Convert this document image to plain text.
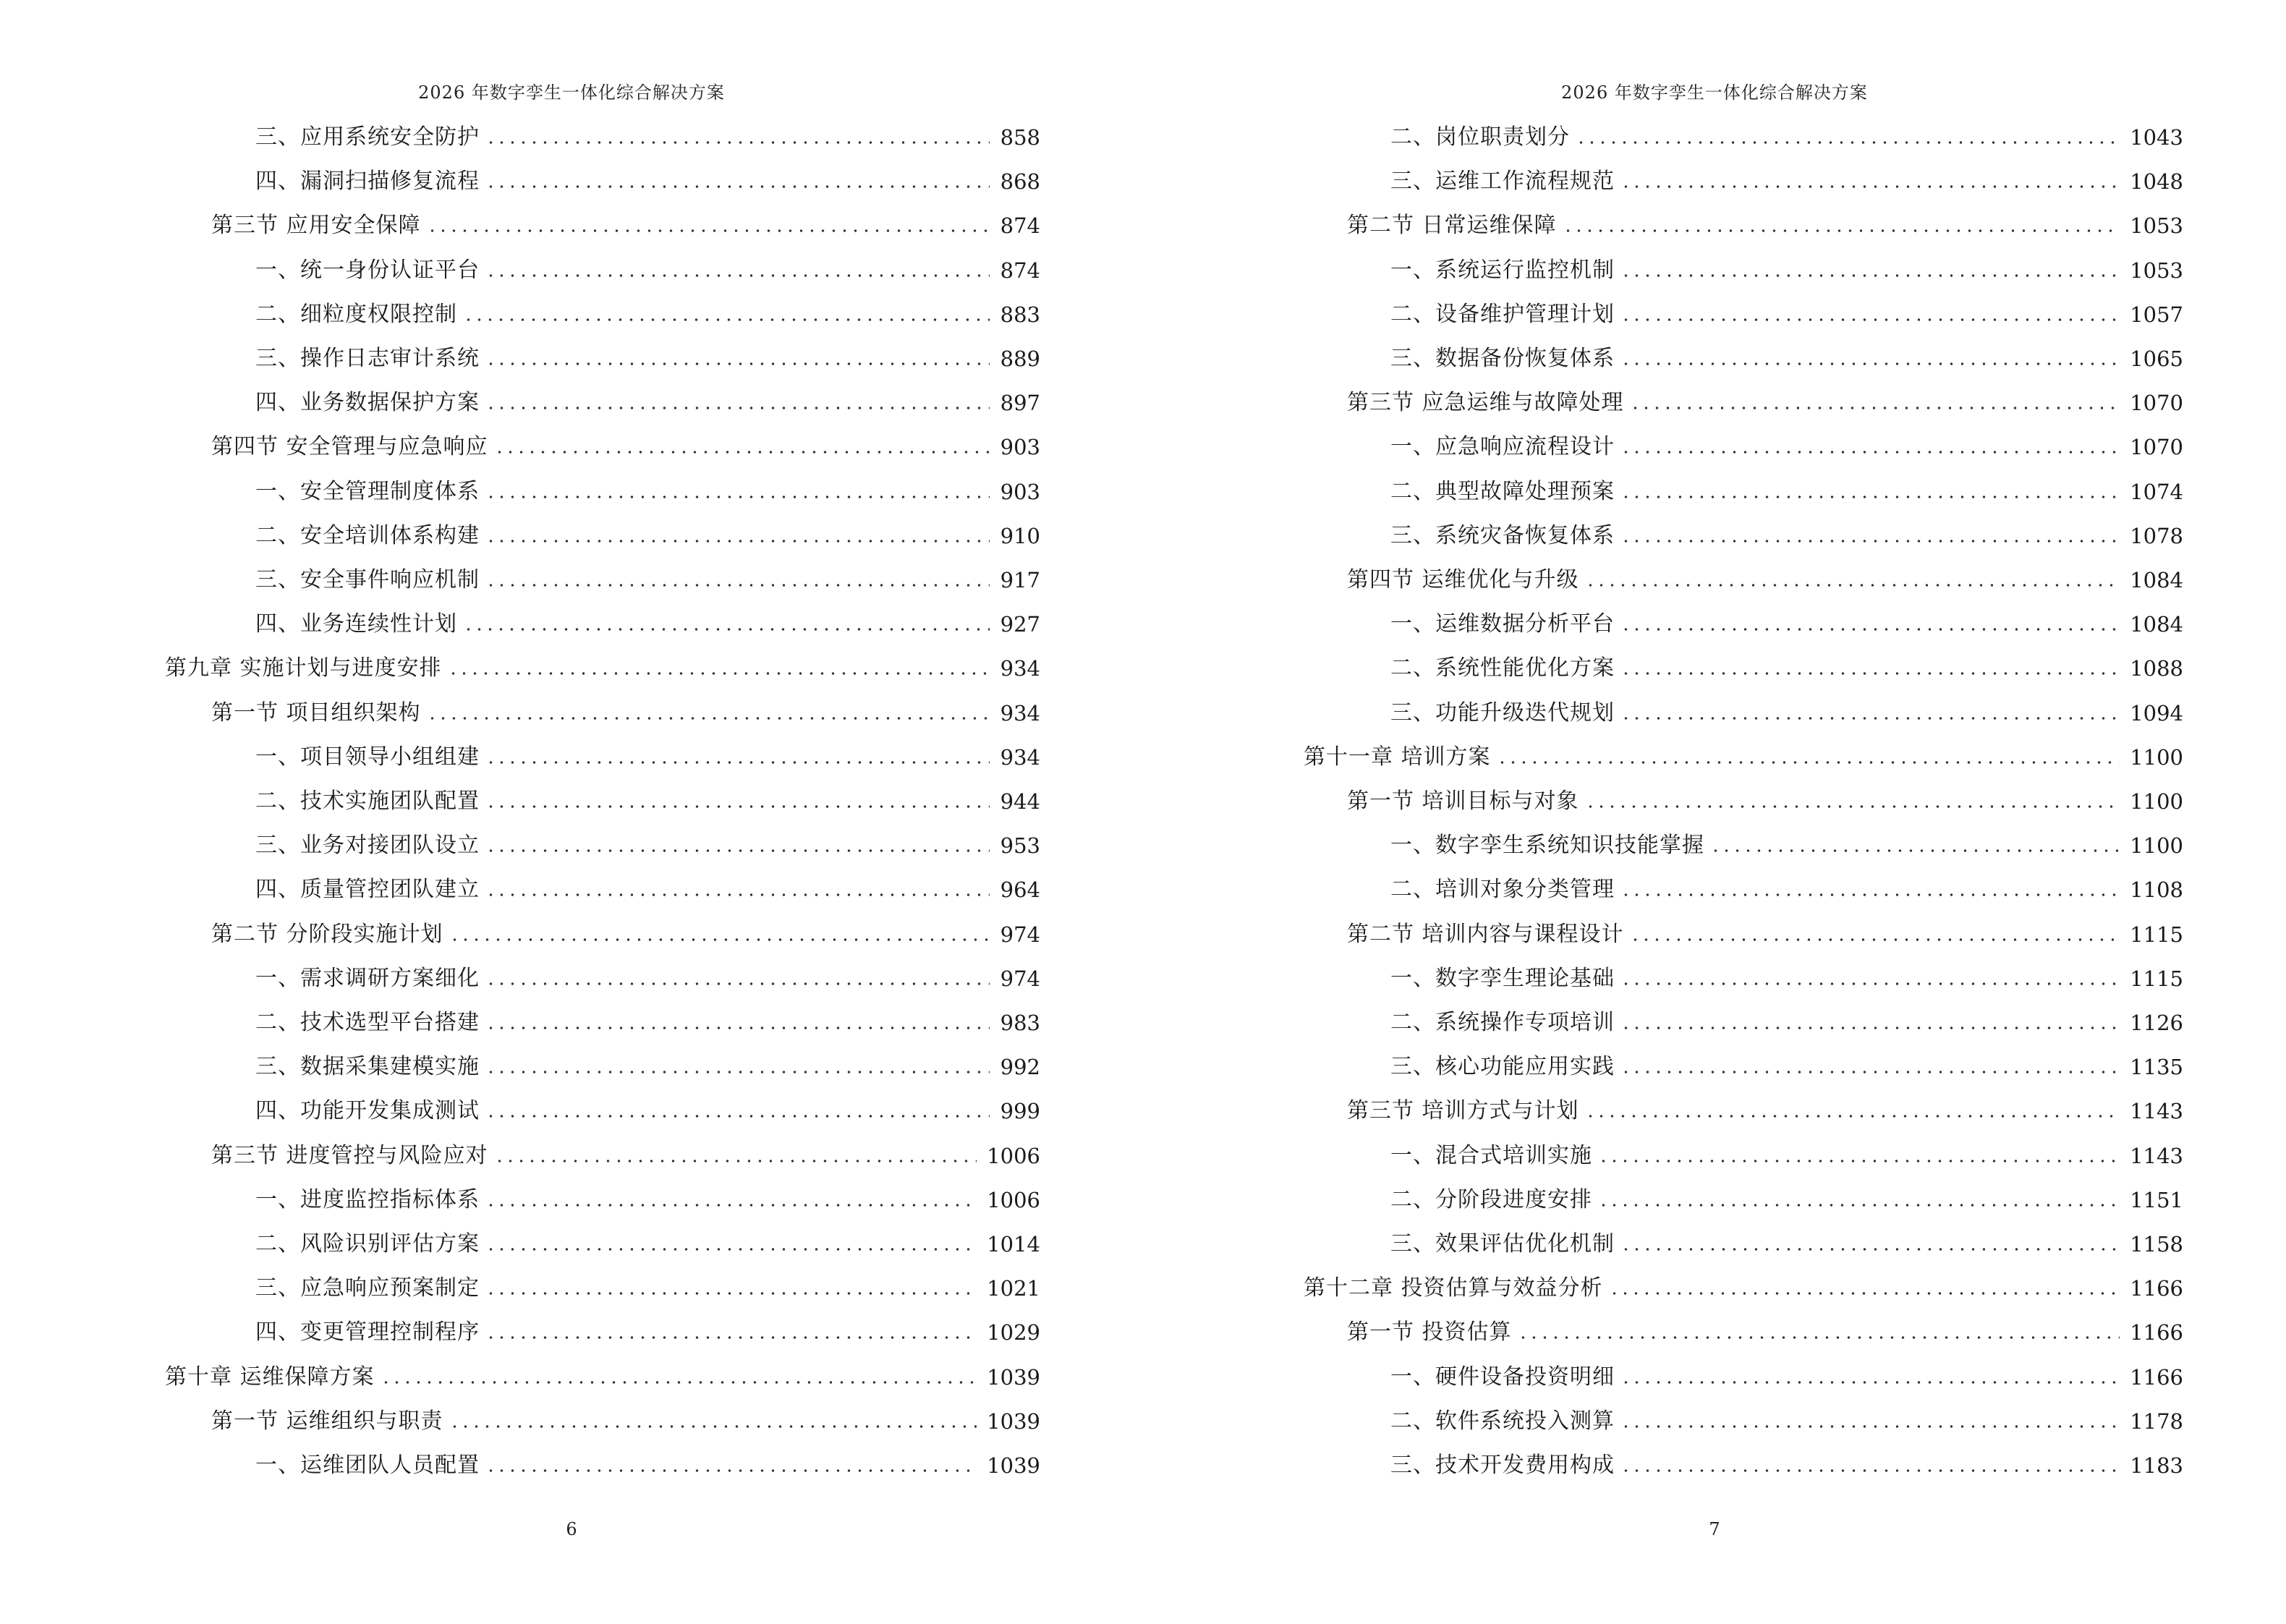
2026 年数字孪生一体化综合解决方案
三、应用系统安全防护	858
四、漏洞扫描修复流程	868
第三节 应用安全保障	874
一、统一身份认证平台	874
二、细粒度权限控制	883
三、操作日志审计系统	889
四、业务数据保护方案	897
第四节 安全管理与应急响应	903
一、安全管理制度体系	903
二、安全培训体系构建	910
三、安全事件响应机制	917
四、业务连续性计划	927
第九章 实施计划与进度安排	934
第一节 项目组织架构	934
一、项目领导小组组建	934
二、技术实施团队配置	944
三、业务对接团队设立	953
四、质量管控团队建立	964
第二节 分阶段实施计划	974
一、需求调研方案细化	974
二、技术选型平台搭建	983
三、数据采集建模实施	992
四、功能开发集成测试	999
第三节 进度管控与风险应对	1006
一、进度监控指标体系	1006
二、风险识别评估方案	1014
三、应急响应预案制定	1021
四、变更管理控制程序	1029
第十章 运维保障方案	1039
第一节 运维组织与职责	1039
一、运维团队人员配置	1039
6
2026 年数字孪生一体化综合解决方案
二、岗位职责划分	1043
三、运维工作流程规范	1048
第二节 日常运维保障	1053
一、系统运行监控机制	1053
二、设备维护管理计划	1057
三、数据备份恢复体系	1065
第三节 应急运维与故障处理	1070
一、应急响应流程设计	1070
二、典型故障处理预案	1074
三、系统灾备恢复体系	1078
第四节 运维优化与升级	1084
一、运维数据分析平台	1084
二、系统性能优化方案	1088
三、功能升级迭代规划	1094
第十一章 培训方案	1100
第一节 培训目标与对象	1100
一、数字孪生系统知识技能掌握	1100
二、培训对象分类管理	1108
第二节 培训内容与课程设计	1115
一、数字孪生理论基础	1115
二、系统操作专项培训	1126
三、核心功能应用实践	1135
第三节 培训方式与计划	1143
一、混合式培训实施	1143
二、分阶段进度安排	1151
三、效果评估优化机制	1158
第十二章 投资估算与效益分析	1166
第一节 投资估算	1166
一、硬件设备投资明细	1166
二、软件系统投入测算	1178
三、技术开发费用构成	1183
7
